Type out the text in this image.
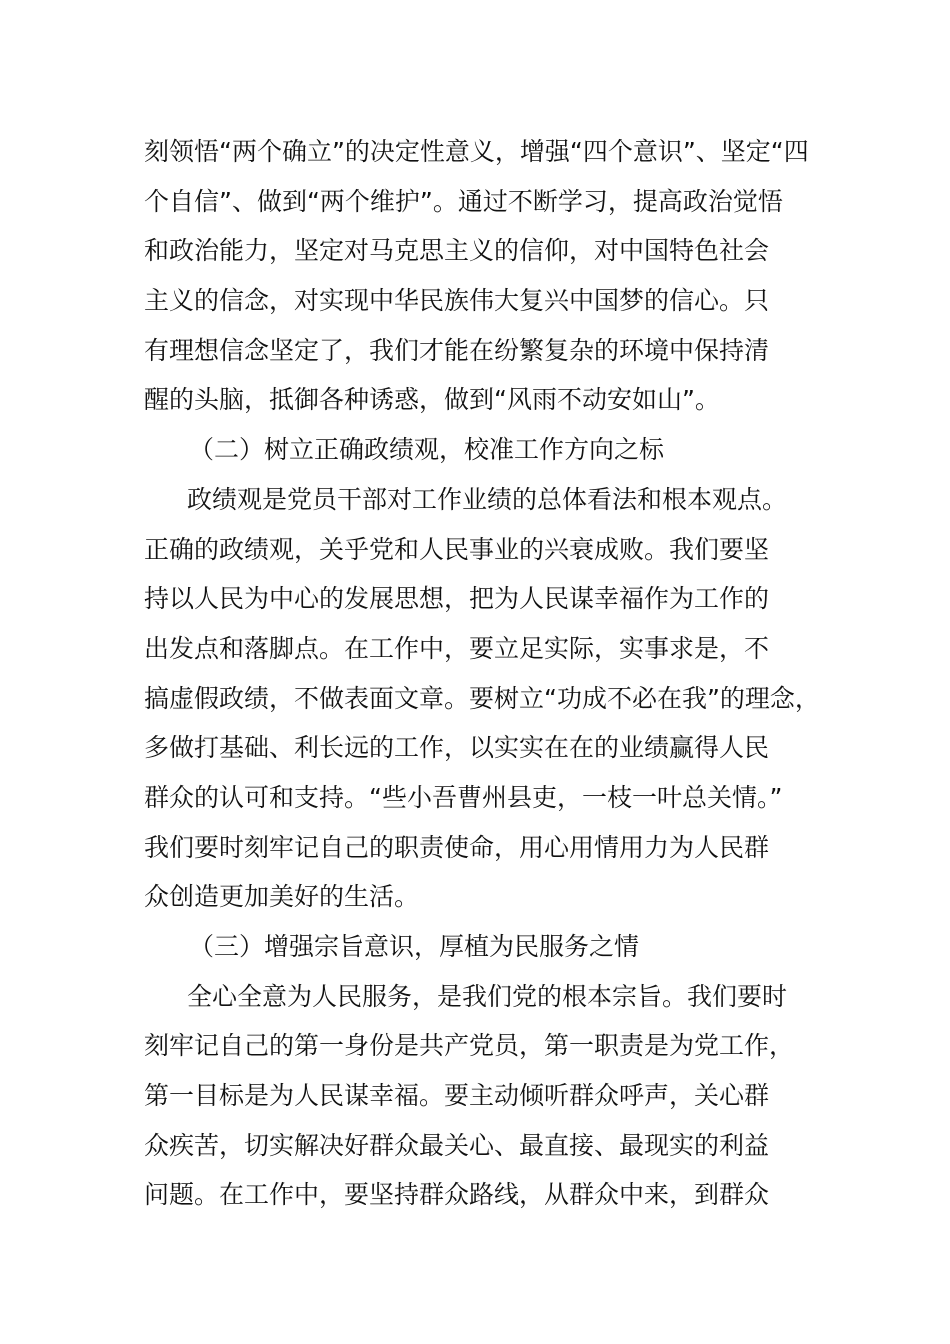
刻领悟“两个确立”的决定性意义，增强“四个意识”、坚定“四
个自信”、做到“两个维护”。通过不断学习，提高政治觉悟
和政治能力，坚定对马克思主义的信仰，对中国特色社会
主义的信念，对实现中华民族伟大复兴中国梦的信心。只
有理想信念坚定了，我们才能在纷繁复杂的环境中保持清
醒的头脑，抵御各种诱惑，做到“风雨不动安如山”。
（二）树立正确政绩观，校准工作方向之标
政绩观是党员干部对工作业绩的总体看法和根本观点。
正确的政绩观，关乎党和人民事业的兴衰成败。我们要坚
持以人民为中心的发展思想，把为人民谋幸福作为工作的
出发点和落脚点。在工作中，要立足实际，实事求是，不
搞虚假政绩，不做表面文章。要树立“功成不必在我”的理念，
多做打基础、利长远的工作，以实实在在的业绩赢得人民
群众的认可和支持。“些小吾曹州县吏，一枝一叶总关情。”
我们要时刻牢记自己的职责使命，用心用情用力为人民群
众创造更加美好的生活。
（三）增强宗旨意识，厚植为民服务之情
全心全意为人民服务，是我们党的根本宗旨。我们要时
刻牢记自己的第一身份是共产党员，第一职责是为党工作，
第一目标是为人民谋幸福。要主动倾听群众呼声，关心群
众疾苦，切实解决好群众最关心、最直接、最现实的利益
问题。在工作中，要坚持群众路线，从群众中来，到群众
